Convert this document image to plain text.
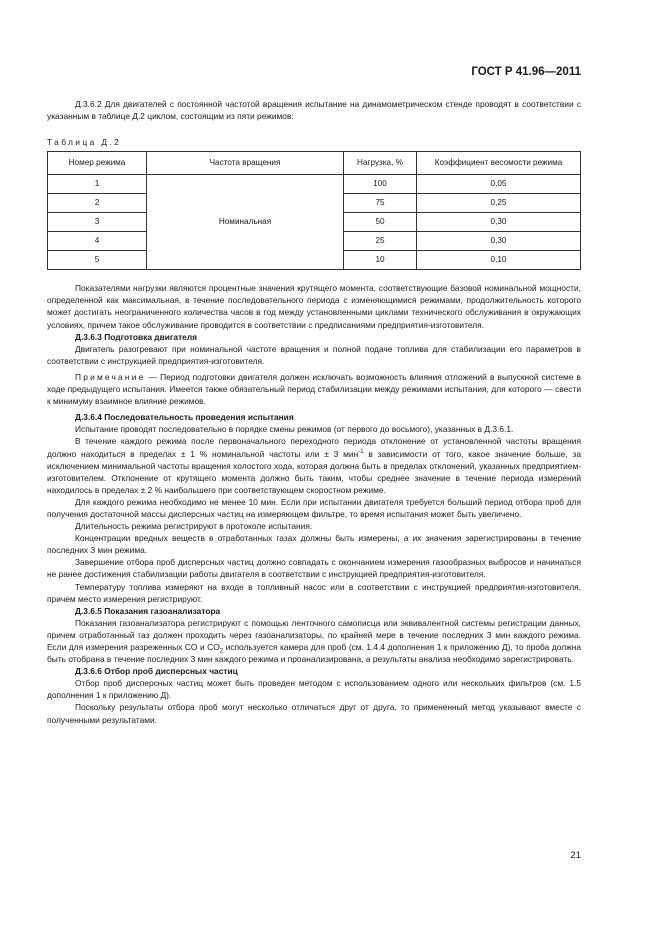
ГОСТ Р 41.96—2011

Д.3.6.2 Для двигателей с постоянной частотой вращения испытание на динамометрическом стенде проводят в соответствии с указанным в таблице Д.2 циклом, состоящим из пяти режимов:

Таблица Д.2

Номер режима	Частота вращения	Нагрузка, %	Коэффициент весомости режима
1	Номинальная	100	0,05
2		75	0,25
3		50	0,30
4		25	0,30
5		10	0,10

Показателями нагрузки являются процентные значения крутящего момента, соответствующие базовой номинальной мощности, определенной как максимальная, в течение последовательного периода с изменяющимися режимами, продолжительность которого может достигать неограниченного количества часов в год между установленными циклами технического обслуживания в окружающих условиях, причем такое обслуживание проводится в соответствии с предписаниями предприятия-изготовителя.

Д.3.6.3 Подготовка двигателя

Двигатель разогревают при номинальной частоте вращения и полной подаче топлива для стабилизации его параметров в соответствии с инструкцией предприятия-изготовителя.

Примечание — Период подготовки двигателя должен исключать возможность влияния отложений в выпускной системе в ходе предыдущего испытания. Имеется также обязательный период стабилизации между режимами испытания, для которого — свести к минимуму взаимное влияние режимов.

Д.3.6.4 Последовательность проведения испытания

Испытание проводят последовательно в порядке смены режимов (от первого до восьмого), указанных в Д.3.6.1.

В течение каждого режима после первоначального переходного периода отклонение от установленной частоты вращения должно находиться в пределах ± 1 % номинальной частоты или ± 3 мин$^{-1}$ в зависимости от того, какое значение больше, за исключением минимальной частоты вращения холостого хода, которая должна быть в пределах отклонений, указанных предприятием-изготовителем. Отклонение от крутящего момента должно быть таким, чтобы среднее значение в течение периода измерений находилось в пределах ± 2 % наибольшего при соответствующем скоростном режиме.

Для каждого режима необходимо не менее 10 мин. Если при испытании двигателя требуется больший период отбора проб для получения достаточной массы дисперсных частиц на измеряющем фильтре, то время испытания может быть увеличено.

Длительность режима регистрируют в протоколе испытания.

Концентрации вредных веществ в отработанных газах должны быть измерены, а их значения зарегистрированы в течение последних 3 мин режима.

Завершение отбора проб дисперсных частиц должно совпадать с окончанием измерения газообразных выбросов и начинаться не ранее достижения стабилизации работы двигателя в соответствии с инструкцией предприятия-изготовителя.

Температуру топлива измеряют на входе в топливный насос или в соответствии с инструкцией предприятия-изготовителя, причем место измерения регистрируют.

Д.3.6.5 Показания газоанализатора

Показания газоанализатора регистрируют с помощью ленточного самописца или эквивалентной системы регистрации данных, причем отработанный газ должен проходить через газоанализаторы, по крайней мере в течение последних 3 мин каждого режима. Если для измерения разреженных CO и $CO_2$ используется камера для проб (см. 1.4.4 дополнения 1 к приложению Д), то проба должна быть отобрана в течение последних 3 мин каждого режима и проанализирована, а результаты анализа необходимо зарегистрировать.

Д.3.6.6 Отбор проб дисперсных частиц

Отбор проб дисперсных частиц может быть проведен методом с использованием одного или нескольких фильтров (см. 1.5 дополнения 1 к приложению Д).

Поскольку результаты отбора проб могут несколько отличаться друг от друга, то примененный метод указывают вместе с полученными результатами.

21
